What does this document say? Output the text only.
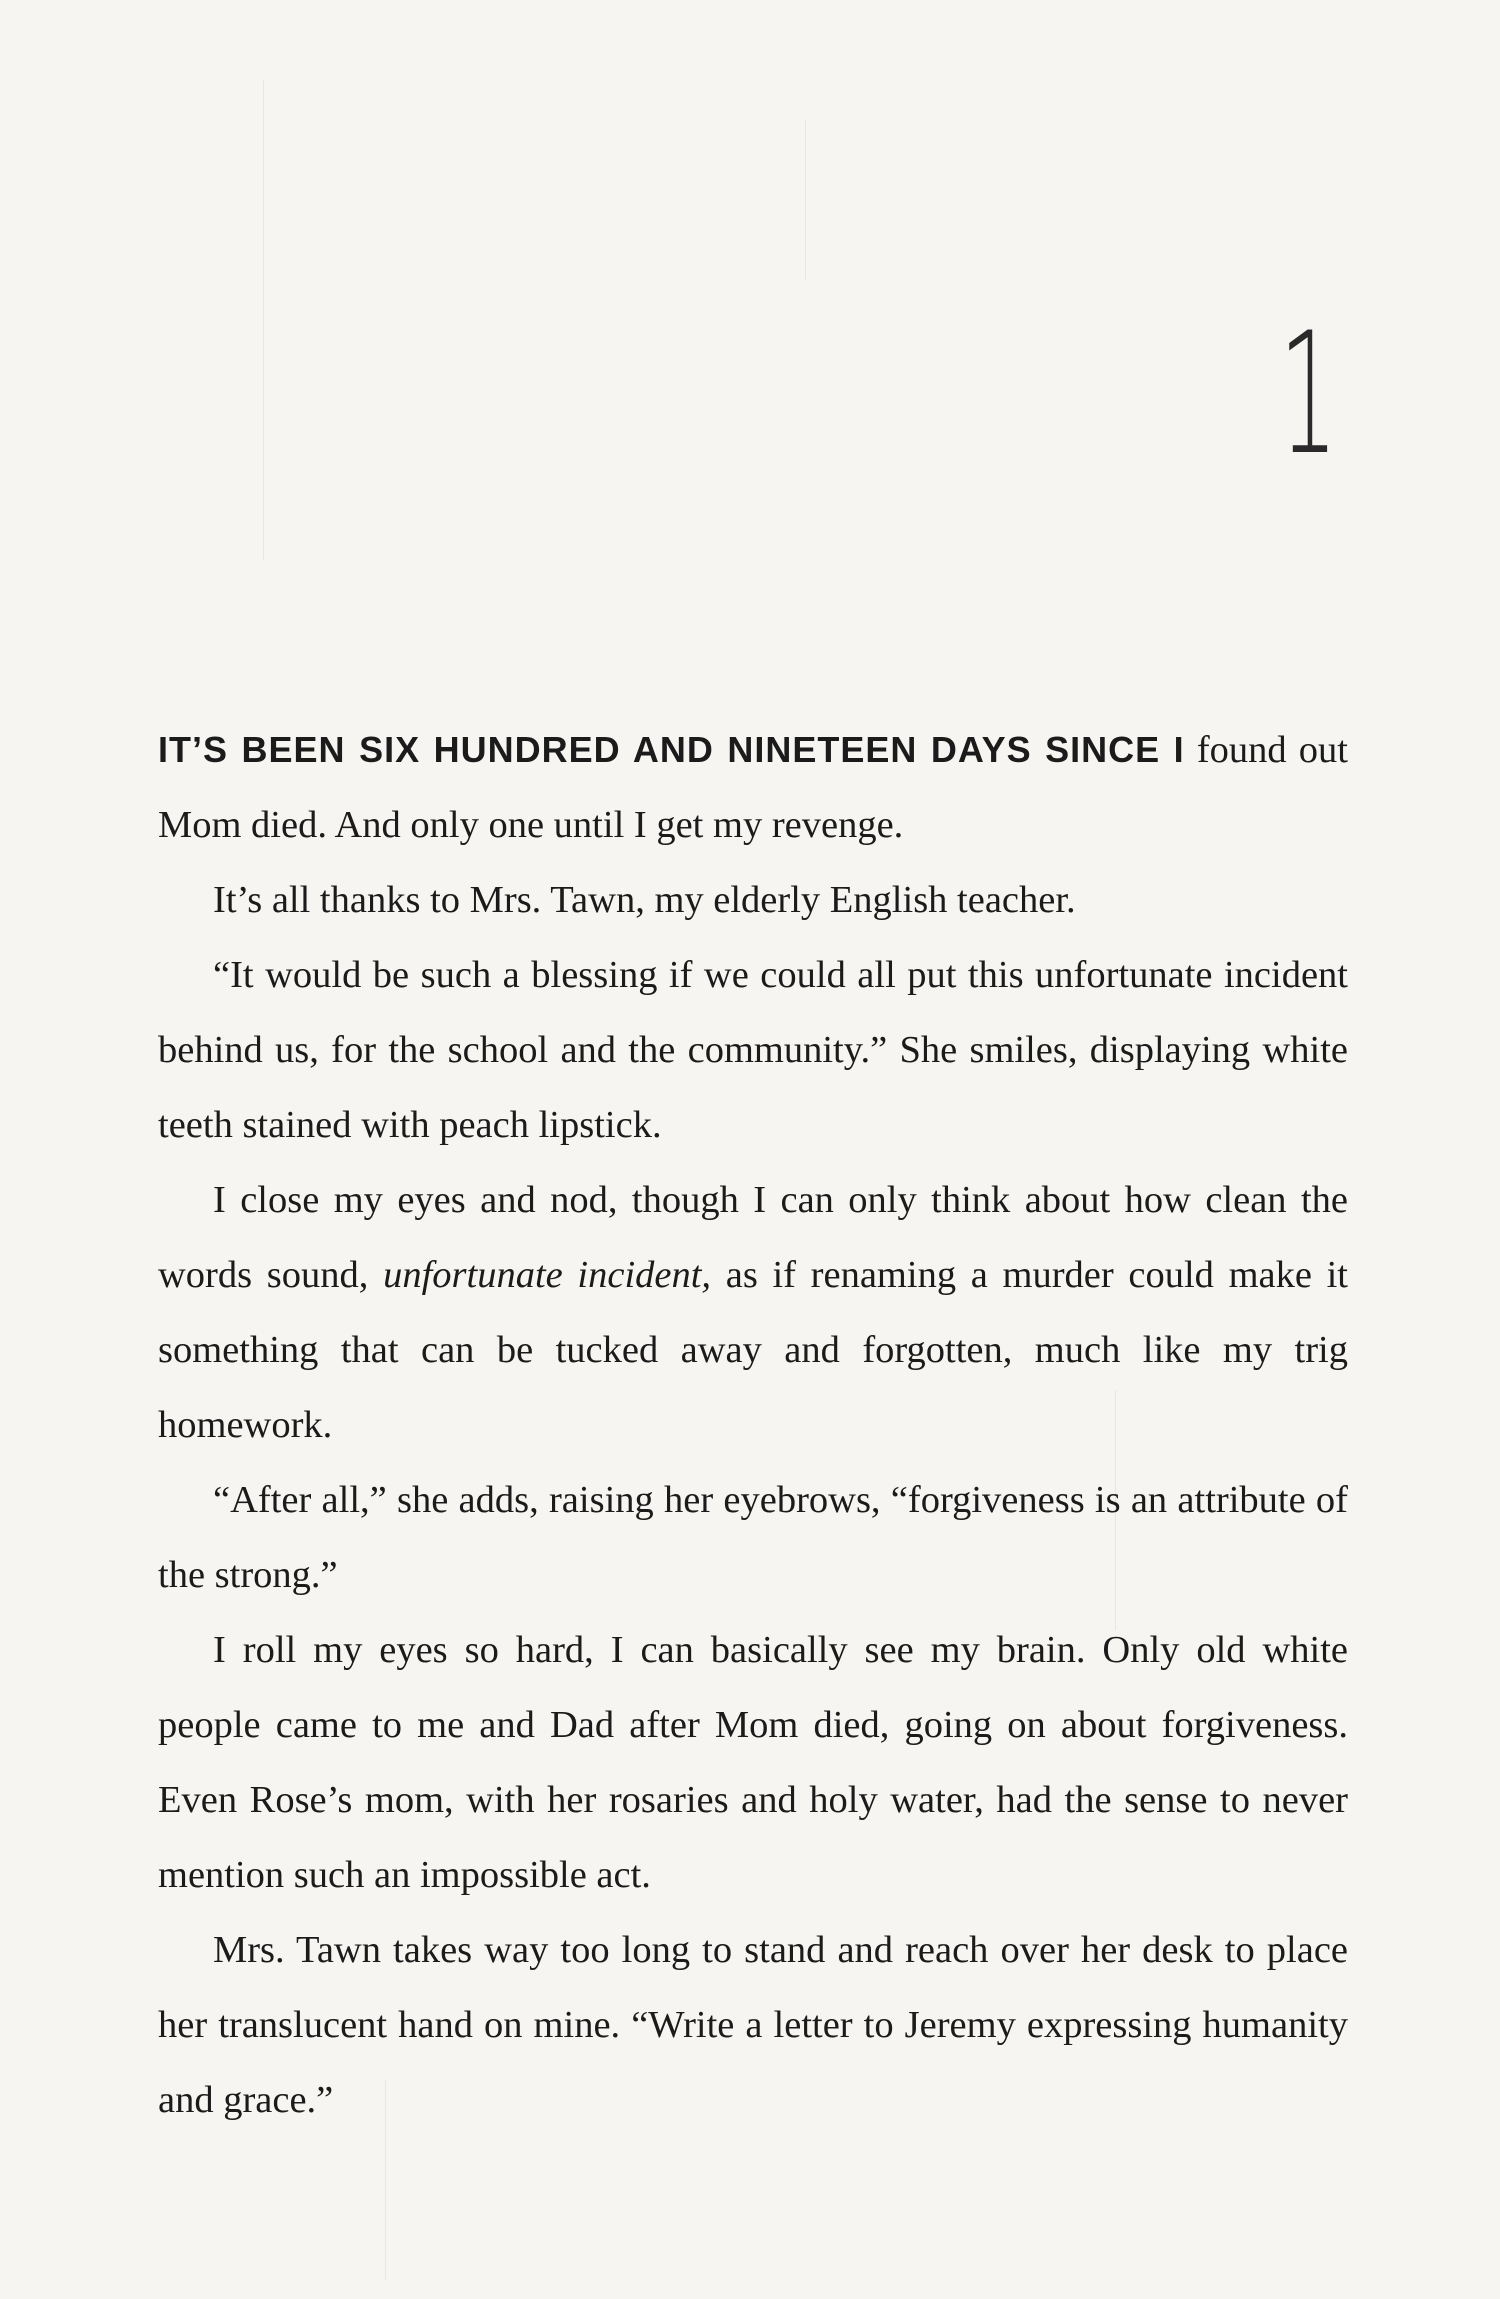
1

IT’S BEEN SIX HUNDRED AND NINETEEN DAYS SINCE I found out Mom died. And only one until I get my revenge.

It’s all thanks to Mrs. Tawn, my elderly English teacher.

“It would be such a blessing if we could all put this unfortunate incident behind us, for the school and the community.” She smiles, displaying white teeth stained with peach lipstick.

I close my eyes and nod, though I can only think about how clean the words sound, unfortunate incident, as if renaming a murder could make it something that can be tucked away and forgotten, much like my trig homework.

“After all,” she adds, raising her eyebrows, “forgiveness is an attribute of the strong.”

I roll my eyes so hard, I can basically see my brain. Only old white people came to me and Dad after Mom died, going on about forgiveness. Even Rose’s mom, with her rosaries and holy water, had the sense to never mention such an impossible act.

Mrs. Tawn takes way too long to stand and reach over her desk to place her translucent hand on mine. “Write a letter to Jeremy expressing humanity and grace.”
